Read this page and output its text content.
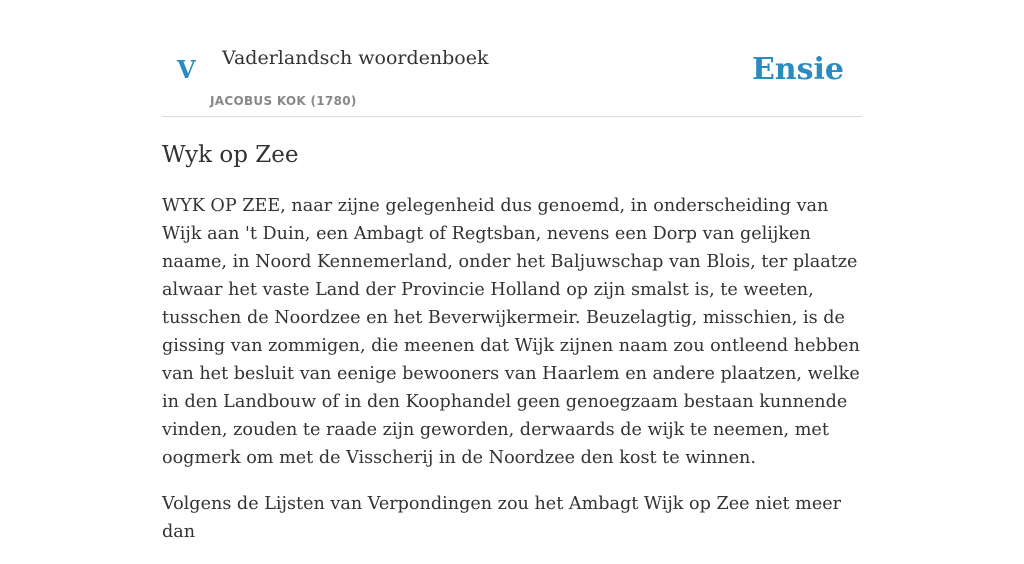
V Vaderlandsch woordenboek
JACOBUS KOK (1780)
Ensie
Wyk op Zee

WYK OP ZEE, naar zijne gelegenheid dus genoemd, in onderscheiding van Wijk aan 't Duin, een Ambagt of Regtsban, nevens een Dorp van gelijken naame, in Noord Kennemerland, onder het Baljuwschap van Blois, ter plaatze alwaar het vaste Land der Provincie Holland op zijn smalst is, te weeten, tusschen de Noordzee en het Beverwijkermeir. Beuzelagtig, misschien, is de gissing van zommigen, die meenen dat Wijk zijnen naam zou ontleend hebben van het besluit van eenige bewooners van Haarlem en andere plaatzen, welke in den Landbouw of in den Koophandel geen genoegzaam bestaan kunnende vinden, zouden te raade zijn geworden, derwaards de wijk te neemen, met oogmerk om met de Visscherij in de Noordzee den kost te winnen.

Volgens de Lijsten van Verpondingen zou het Ambagt Wijk op Zee niet meer dan
